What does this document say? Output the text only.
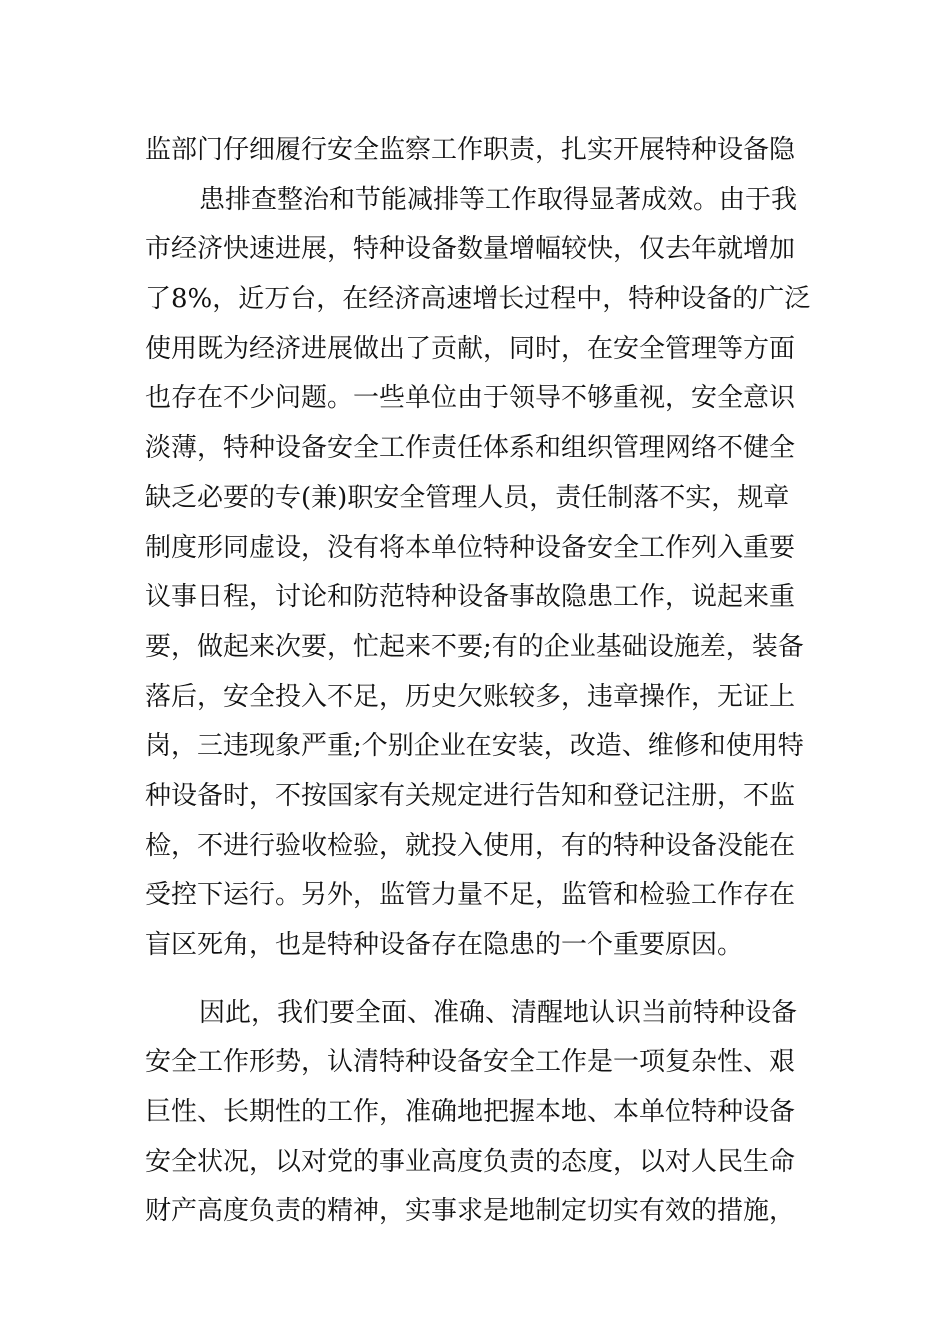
监部门仔细履行安全监察工作职责，扎实开展特种设备隐
患排查整治和节能减排等工作取得显著成效。由于我
市经济快速进展，特种设备数量增幅较快，仅去年就增加
了8%，近万台，在经济高速增长过程中，特种设备的广泛
使用既为经济进展做出了贡献，同时，在安全管理等方面
也存在不少问题。一些单位由于领导不够重视，安全意识
淡薄，特种设备安全工作责任体系和组织管理网络不健全
缺乏必要的专(兼)职安全管理人员，责任制落不实，规章
制度形同虚设，没有将本单位特种设备安全工作列入重要
议事日程，讨论和防范特种设备事故隐患工作，说起来重
要，做起来次要，忙起来不要;有的企业基础设施差，装备
落后，安全投入不足，历史欠账较多，违章操作，无证上
岗，三违现象严重;个别企业在安装，改造、维修和使用特
种设备时，不按国家有关规定进行告知和登记注册，不监
检，不进行验收检验，就投入使用，有的特种设备没能在
受控下运行。另外，监管力量不足，监管和检验工作存在
盲区死角，也是特种设备存在隐患的一个重要原因。
因此，我们要全面、准确、清醒地认识当前特种设备
安全工作形势，认清特种设备安全工作是一项复杂性、艰
巨性、长期性的工作，准确地把握本地、本单位特种设备
安全状况，以对党的事业高度负责的态度，以对人民生命
财产高度负责的精神，实事求是地制定切实有效的措施，
